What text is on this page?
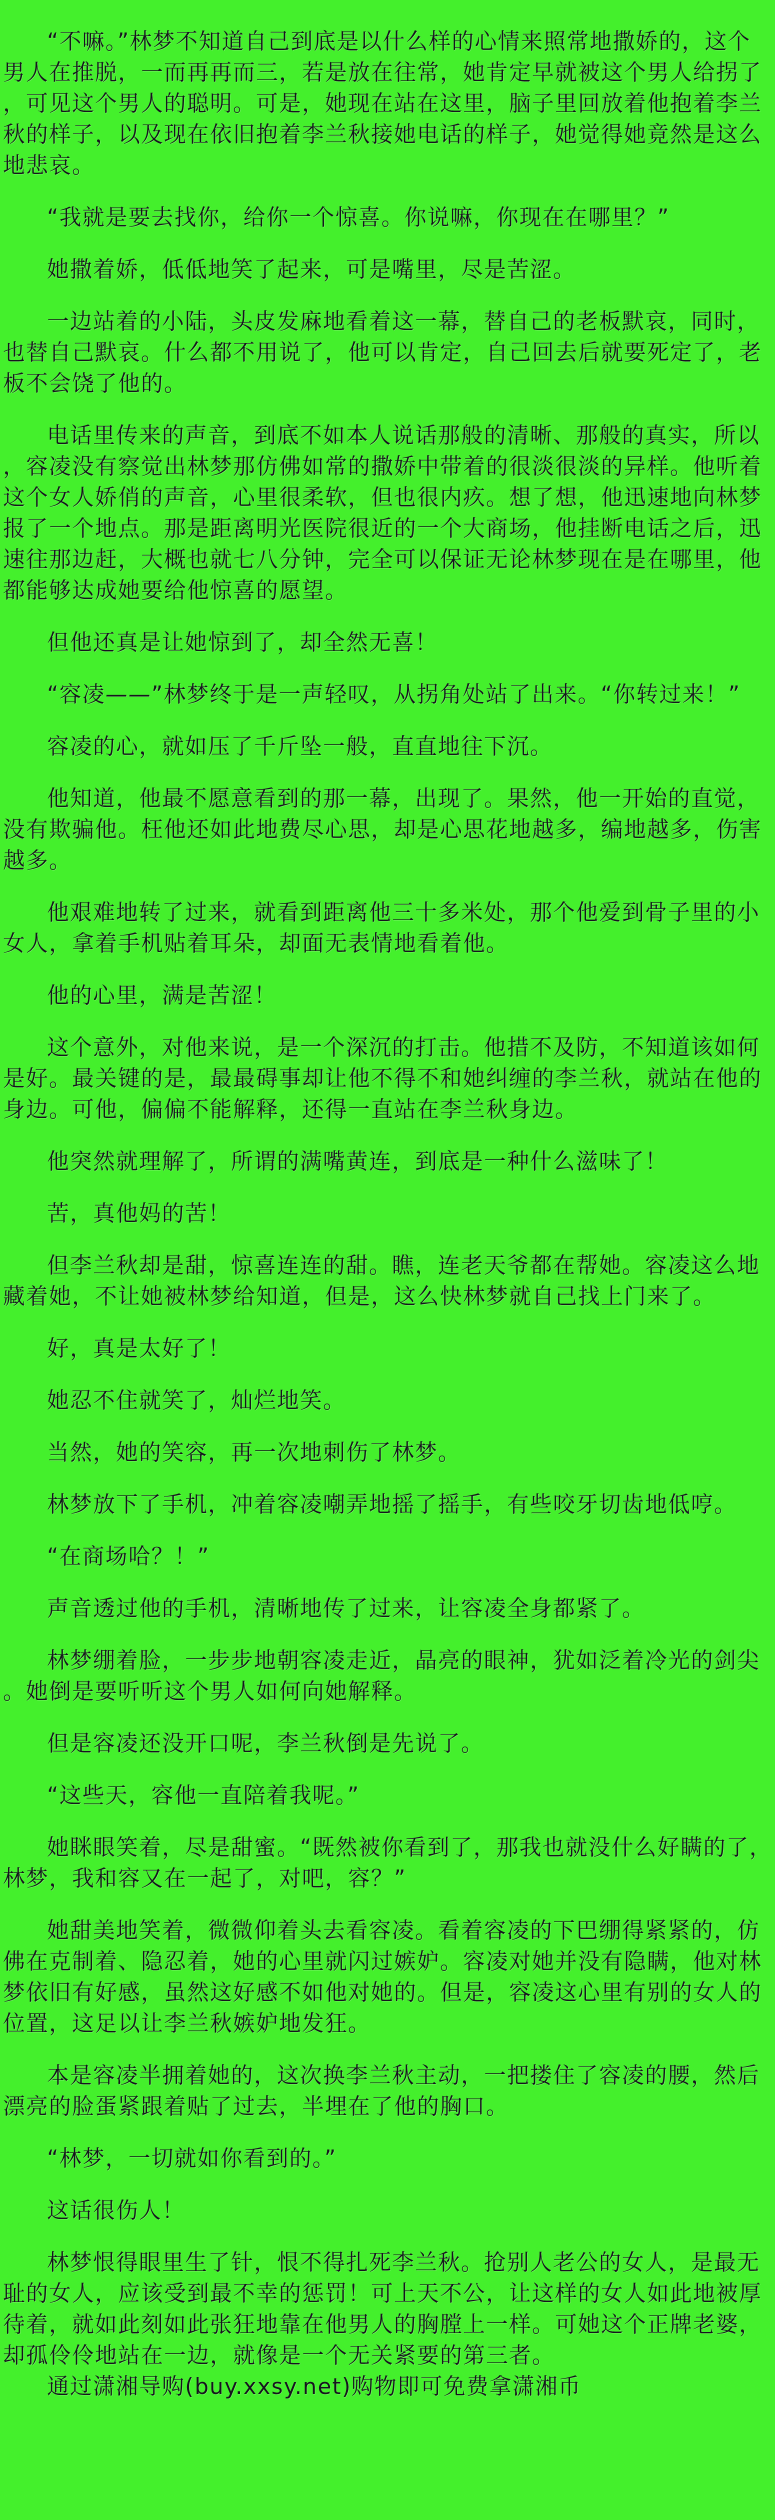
“不嘛。”林梦不知道自己到底是以什么样的心情来照常地撒娇的，这个男人在推脱，一而再再而三，若是放在往常，她肯定早就被这个男人给拐了，可见这个男人的聪明。可是，她现在站在这里，脑子里回放着他抱着李兰秋的样子，以及现在依旧抱着李兰秋接她电话的样子，她觉得她竟然是这么地悲哀。

“我就是要去找你，给你一个惊喜。你说嘛，你现在在哪里？”

她撒着娇，低低地笑了起来，可是嘴里，尽是苦涩。

一边站着的小陆，头皮发麻地看着这一幕，替自己的老板默哀，同时，也替自己默哀。什么都不用说了，他可以肯定，自己回去后就要死定了，老板不会饶了他的。

电话里传来的声音，到底不如本人说话那般的清晰、那般的真实，所以，容凌没有察觉出林梦那仿佛如常的撒娇中带着的很淡很淡的异样。他听着这个女人娇俏的声音，心里很柔软，但也很内疚。想了想，他迅速地向林梦报了一个地点。那是距离明光医院很近的一个大商场，他挂断电话之后，迅速往那边赶，大概也就七八分钟，完全可以保证无论林梦现在是在哪里，他都能够达成她要给他惊喜的愿望。

但他还真是让她惊到了，却全然无喜！

“容凌——”林梦终于是一声轻叹，从拐角处站了出来。“你转过来！”

容凌的心，就如压了千斤坠一般，直直地往下沉。

他知道，他最不愿意看到的那一幕，出现了。果然，他一开始的直觉，没有欺骗他。枉他还如此地费尽心思，却是心思花地越多，编地越多，伤害越多。

他艰难地转了过来，就看到距离他三十多米处，那个他爱到骨子里的小女人，拿着手机贴着耳朵，却面无表情地看着他。

他的心里，满是苦涩！

这个意外，对他来说，是一个深沉的打击。他措不及防，不知道该如何是好。最关键的是，最最碍事却让他不得不和她纠缠的李兰秋，就站在他的身边。可他，偏偏不能解释，还得一直站在李兰秋身边。

他突然就理解了，所谓的满嘴黄连，到底是一种什么滋味了！

苦，真他妈的苦！

但李兰秋却是甜，惊喜连连的甜。瞧，连老天爷都在帮她。容凌这么地藏着她，不让她被林梦给知道，但是，这么快林梦就自己找上门来了。

好，真是太好了！

她忍不住就笑了，灿烂地笑。

当然，她的笑容，再一次地刺伤了林梦。

林梦放下了手机，冲着容凌嘲弄地摇了摇手，有些咬牙切齿地低哼。

“在商场哈？！”

声音透过他的手机，清晰地传了过来，让容凌全身都紧了。

林梦绷着脸，一步步地朝容凌走近，晶亮的眼神，犹如泛着冷光的剑尖。她倒是要听听这个男人如何向她解释。

但是容凌还没开口呢，李兰秋倒是先说了。

“这些天，容他一直陪着我呢。”

她眯眼笑着，尽是甜蜜。“既然被你看到了，那我也就没什么好瞒的了，林梦，我和容又在一起了，对吧，容？”

她甜美地笑着，微微仰着头去看容凌。看着容凌的下巴绷得紧紧的，仿佛在克制着、隐忍着，她的心里就闪过嫉妒。容凌对她并没有隐瞒，他对林梦依旧有好感，虽然这好感不如他对她的。但是，容凌这心里有别的女人的位置，这足以让李兰秋嫉妒地发狂。

本是容凌半拥着她的，这次换李兰秋主动，一把搂住了容凌的腰，然后漂亮的脸蛋紧跟着贴了过去，半埋在了他的胸口。

“林梦，一切就如你看到的。”

这话很伤人！

林梦恨得眼里生了针，恨不得扎死李兰秋。抢别人老公的女人，是最无耻的女人，应该受到最不幸的惩罚！可上天不公，让这样的女人如此地被厚待着，就如此刻如此张狂地靠在他男人的胸膛上一样。可她这个正牌老婆，却孤伶伶地站在一边，就像是一个无关紧要的第三者。

通过潇湘导购(buy.xxsy.net)购物即可免费拿潇湘币
